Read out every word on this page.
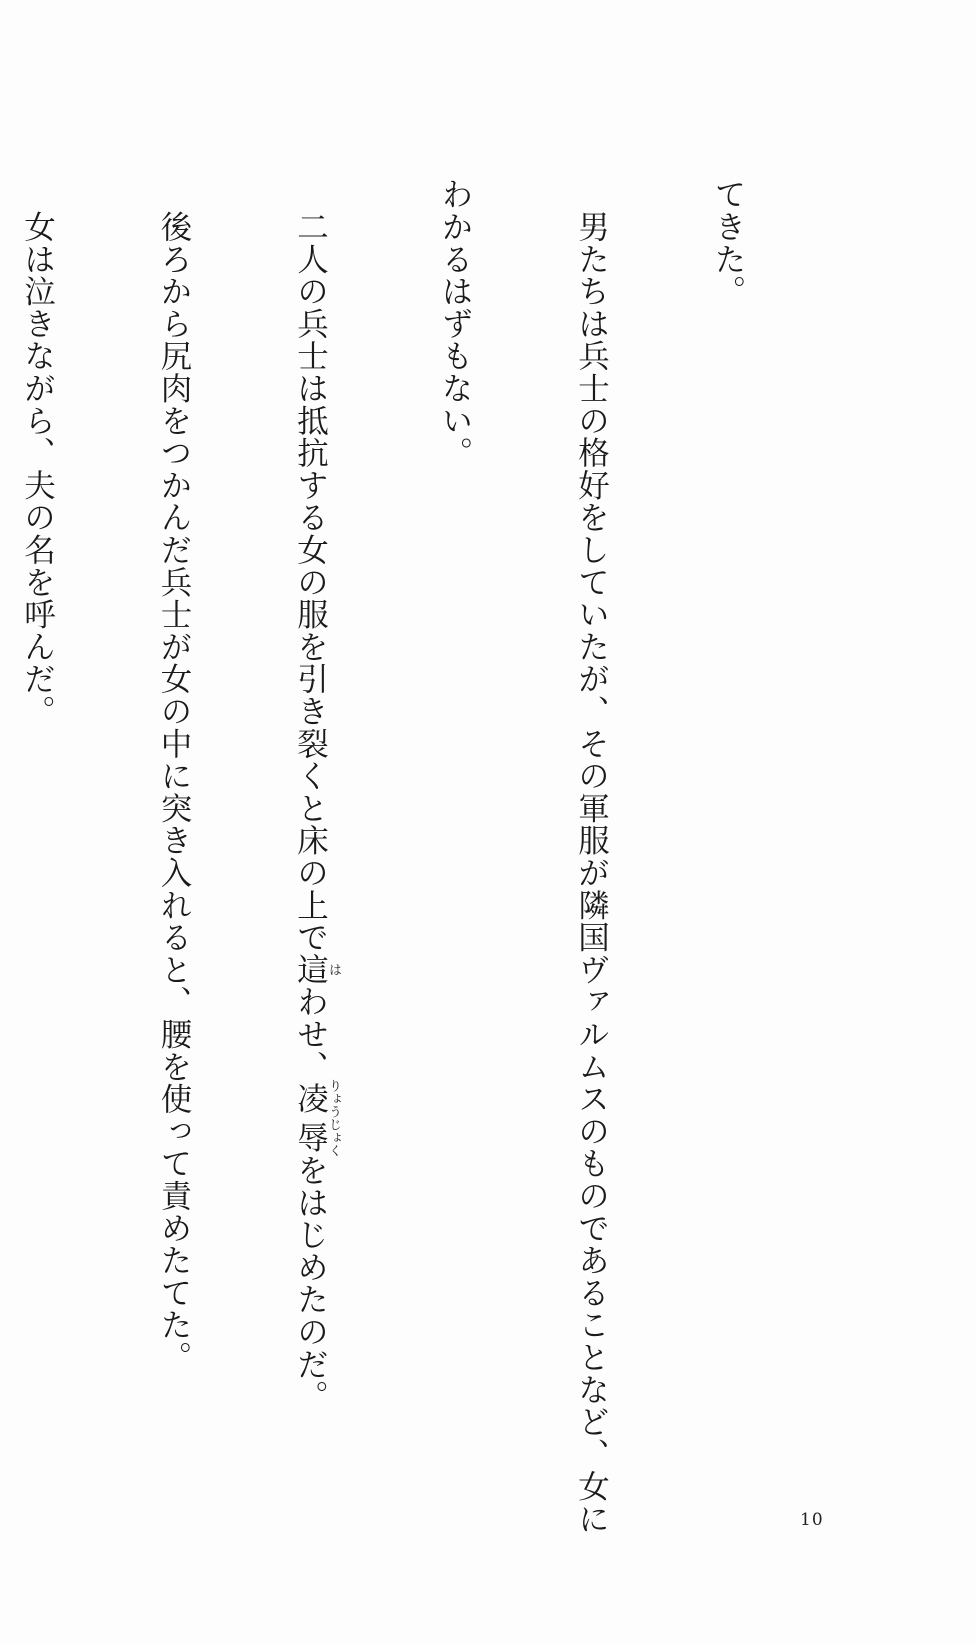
てきた。

　男たちは兵士の格好をしていたが、その軍服が隣国ヴァルムスのものであることなど、女に

わかるはずもない。

　二人の兵士は抵抗する女の服を引き裂くと床の上で這はわせ、凌辱りょうじょくをはじめたのだ。

　後ろから尻肉をつかんだ兵士が女の中に突き入れると、腰を使って責めたてた。

　女は泣きながら、夫の名を呼んだ。

10
